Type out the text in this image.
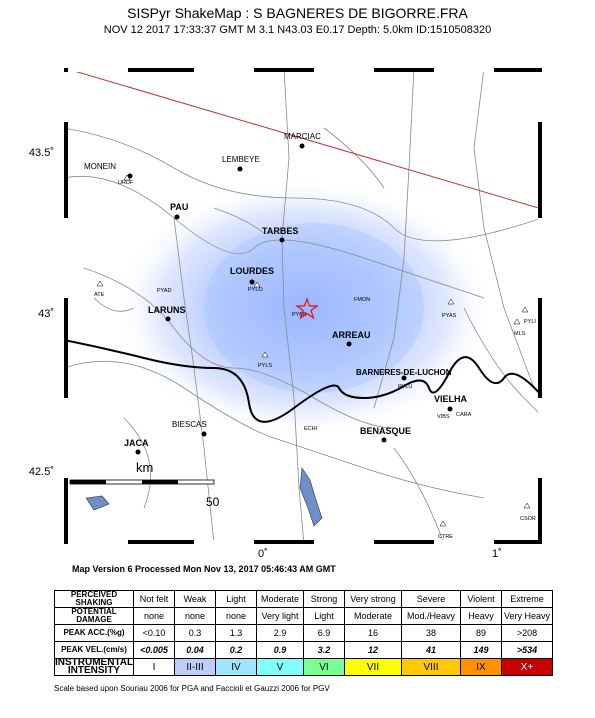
SISPyr ShakeMap : S BAGNERES DE BIGORRE.FRA
NOV 12 2017 17:33:37 GMT M 3.1 N43.03 E0.17 Depth: 5.0km ID:1510508320
43.5˚
43˚
42.5˚
0˚	1˚
km
50
MARCIAC
MONEIN
LEMBEYE
PAU
TARBES
LOURDES
LARUNS
ARREAU
BARNERES-DE-LUCHON
VIELHA
BIESCAS
JACA
BENASQUE
URDF
ATE
PYAD	PYLO
PYBB
FMON
PYLS
PYAS
PYLI
MLS
PYLU
VIBS CARA
ECHI
CSOR
CTRE
Map Version 6 Processed Mon Nov 13, 2017 05:46:43 AM GMT
PERCEIVED SHAKING	Not felt	Weak	Light	Moderate	Strong	Very strong	Severe	Violent	Extreme
POTENTIAL DAMAGE	none	none	none	Very light	Light	Moderate	Mod./Heavy	Heavy	Very Heavy
PEAK ACC.(%g)	<0.10	0.3	1.3	2.9	6.9	16	38	89	>208
PEAK VEL.(cm/s)	<0.005	0.04	0.2	0.9	3.2	12	41	149	>534
INSTRUMENTAL INTENSITY	I	II-III	IV	V	VI	VII	VIII	IX	X+
Scale based upon Souriau 2006 for PGA and Faccioli et Gauzzi 2006 for PGV
